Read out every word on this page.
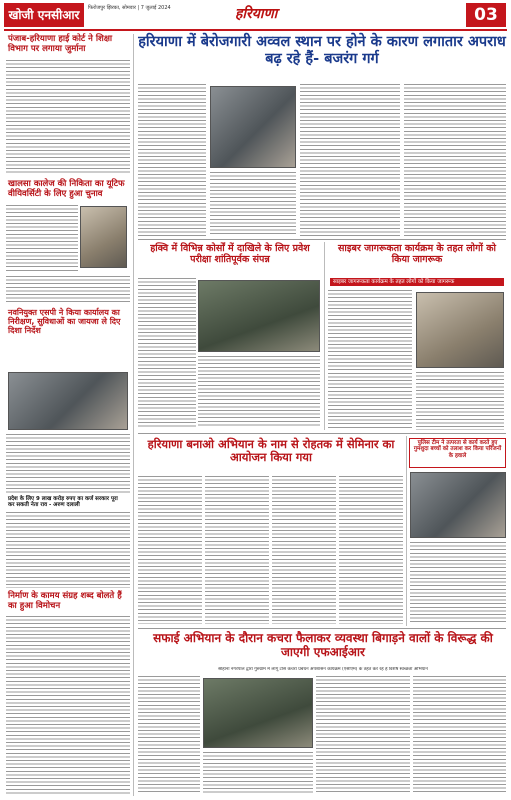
खोजी एनसीआर	फिरोजपुर झिरका, सोमवार | 7 जुलाई 2024	हरियाणा	03
पंजाब-हरियाणा हाई कोर्ट ने शिक्षा विभाग पर लगाया जुर्माना
खालसा कालेज की निकिता का यूटिफ वीयिवर्सिटी के लिए हुआ चुनाव
नवनियुक्त एसपी ने किया कार्यालय का निरीक्षण, सुविधाओं का जायजा ले दिए दिशा निर्देश
प्रदेश के लिए 9 लाख करोड़ रुपए का कर्ज सरकार पूरा कर सकती नेता राव - अरुण दलाली
निर्माण के कामय संग्रह शब्द बोलते हैं का हुआ विमोचन
हरियाणा में बेरोजगारी अव्वल स्थान पर होने के कारण लगातार अपराध बढ़ रहे हैं- बजरंग गर्ग
हक्वि में विभिन्न कोर्सों में दाखिले के लिए प्रवेश परीक्षा शांतिपूर्वक संपन्न
साइबर जागरूकता कार्यक्रम के तहत लोगों को किया जागरूक
साइबर जागरूकता कार्यक्रम के तहत लोगों को किया जागरूक
हरियाणा बनाओ अभियान के नाम से रोहतक में सेमिनार का आयोजन किया गया
पुलिस टीम ने तत्परता से कार्य करते हुए गुमशुदा बच्चों को तलाश कर किया परिजनों के हवाले
सफाई अभियान के दौरान कचरा फैलाकर व्यवस्था बिगाड़ने वालों के विरूद्ध की जाएगी एफआईआर
सोहाना नगरपाल द्वारा गुरुग्राम में लागू टोस कचरा प्रबंधन अपशासन कार्यक्रम (एसीएम) के तहत कर रहे हैं विशेष स्वच्छता अभियान
